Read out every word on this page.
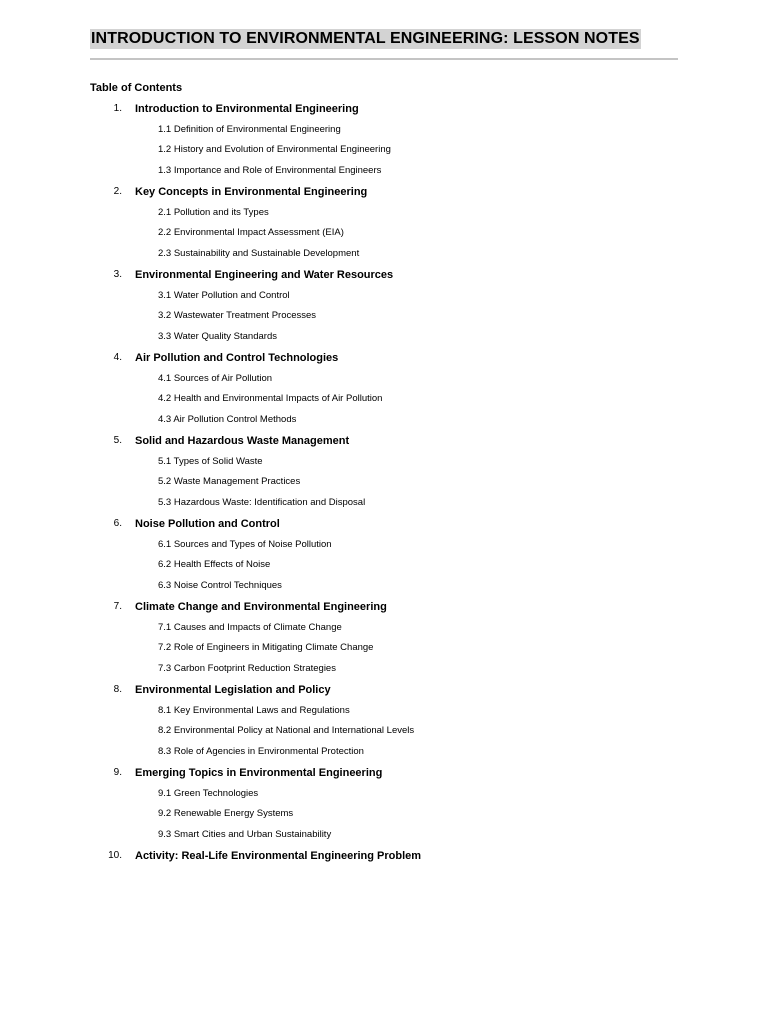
INTRODUCTION TO ENVIRONMENTAL ENGINEERING: LESSON NOTES
Table of Contents
1. Introduction to Environmental Engineering
1.1 Definition of Environmental Engineering
1.2 History and Evolution of Environmental Engineering
1.3 Importance and Role of Environmental Engineers
2. Key Concepts in Environmental Engineering
2.1 Pollution and its Types
2.2 Environmental Impact Assessment (EIA)
2.3 Sustainability and Sustainable Development
3. Environmental Engineering and Water Resources
3.1 Water Pollution and Control
3.2 Wastewater Treatment Processes
3.3 Water Quality Standards
4. Air Pollution and Control Technologies
4.1 Sources of Air Pollution
4.2 Health and Environmental Impacts of Air Pollution
4.3 Air Pollution Control Methods
5. Solid and Hazardous Waste Management
5.1 Types of Solid Waste
5.2 Waste Management Practices
5.3 Hazardous Waste: Identification and Disposal
6. Noise Pollution and Control
6.1 Sources and Types of Noise Pollution
6.2 Health Effects of Noise
6.3 Noise Control Techniques
7. Climate Change and Environmental Engineering
7.1 Causes and Impacts of Climate Change
7.2 Role of Engineers in Mitigating Climate Change
7.3 Carbon Footprint Reduction Strategies
8. Environmental Legislation and Policy
8.1 Key Environmental Laws and Regulations
8.2 Environmental Policy at National and International Levels
8.3 Role of Agencies in Environmental Protection
9. Emerging Topics in Environmental Engineering
9.1 Green Technologies
9.2 Renewable Energy Systems
9.3 Smart Cities and Urban Sustainability
10. Activity: Real-Life Environmental Engineering Problem
